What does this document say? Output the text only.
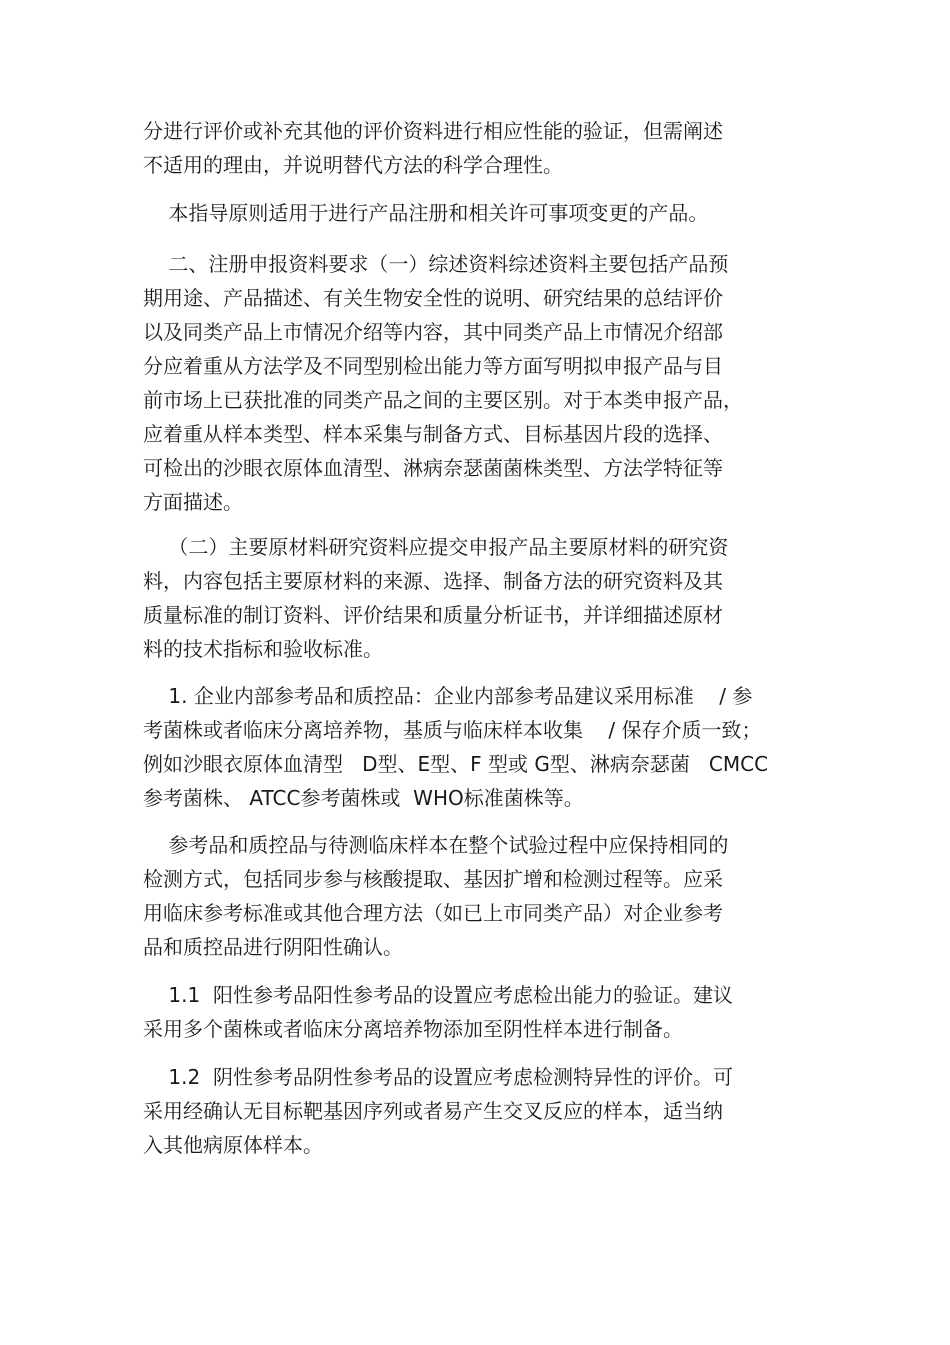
分进行评价或补充其他的评价资料进行相应性能的验证，但需阐述
不适用的理由，并说明替代方法的科学合理性。
本指导原则适用于进行产品注册和相关许可事项变更的产品。
二、注册申报资料要求（一）综述资料综述资料主要包括产品预
期用途、产品描述、有关生物安全性的说明、研究结果的总结评价
以及同类产品上市情况介绍等内容，其中同类产品上市情况介绍部
分应着重从方法学及不同型别检出能力等方面写明拟申报产品与目
前市场上已获批准的同类产品之间的主要区别。对于本类申报产品，
应着重从样本类型、样本采集与制备方式、目标基因片段的选择、
可检出的沙眼衣原体血清型、淋病奈瑟菌菌株类型、方法学特征等
方面描述。
（二）主要原材料研究资料应提交申报产品主要原材料的研究资
料，内容包括主要原材料的来源、选择、制备方法的研究资料及其
质量标准的制订资料、评价结果和质量分析证书，并详细描述原材
料的技术指标和验收标准。
1. 企业内部参考品和质控品：企业内部参考品建议采用标准    / 参
考菌株或者临床分离培养物，基质与临床样本收集    / 保存介质一致；
例如沙眼衣原体血清型   D型、E型、F 型或 G型、淋病奈瑟菌   CMCC
参考菌株、 ATCC参考菌株或  WHO标准菌株等。
参考品和质控品与待测临床样本在整个试验过程中应保持相同的
检测方式，包括同步参与核酸提取、基因扩增和检测过程等。应采
用临床参考标准或其他合理方法（如已上市同类产品）对企业参考
品和质控品进行阴阳性确认。
1.1  阳性参考品阳性参考品的设置应考虑检出能力的验证。建议
采用多个菌株或者临床分离培养物添加至阴性样本进行制备。
1.2  阴性参考品阴性参考品的设置应考虑检测特异性的评价。可
采用经确认无目标靶基因序列或者易产生交叉反应的样本，适当纳
入其他病原体样本。
